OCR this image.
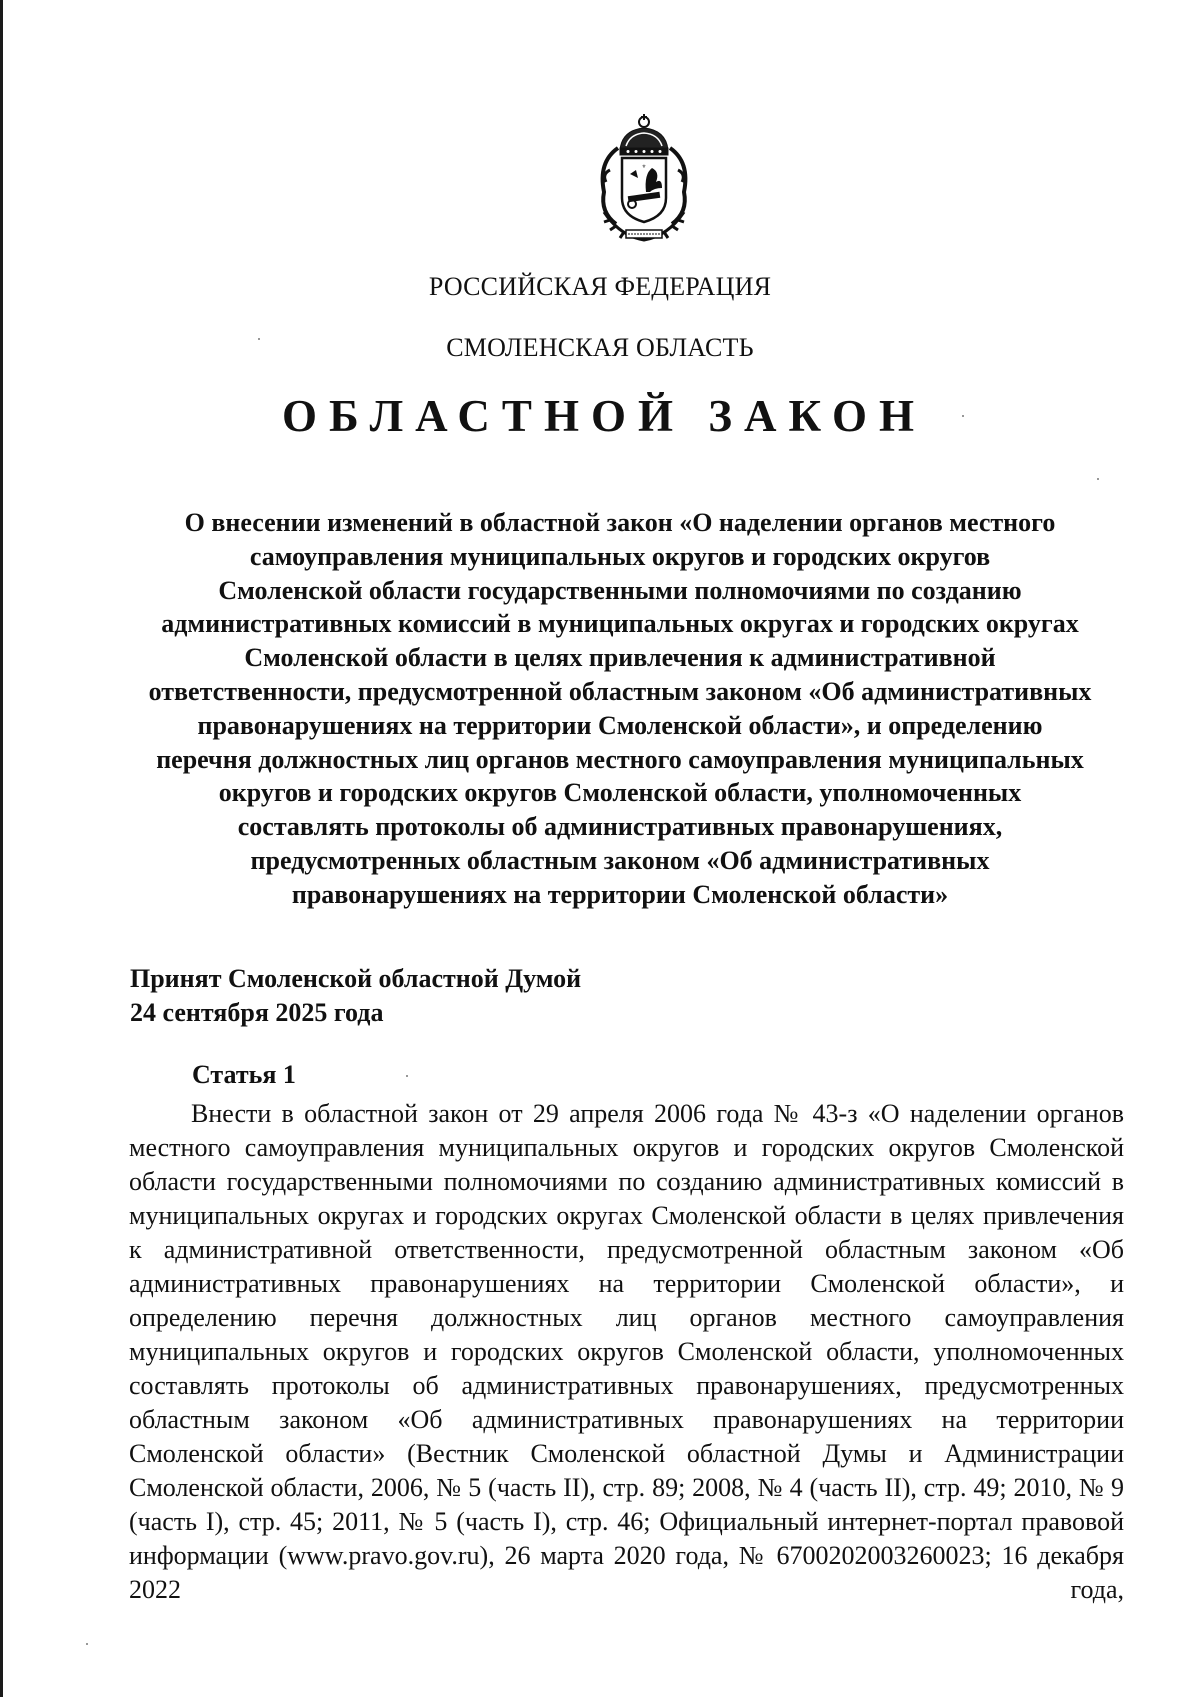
⚜
РОССИЙСКАЯ ФЕДЕРАЦИЯ
СМОЛЕНСКАЯ ОБЛАСТЬ
ОБЛАСТНОЙ ЗАКОН
О внесении изменений в областной закон «О наделении органов местного
самоуправления муниципальных округов и городских округов
Смоленской области государственными полномочиями по созданию
административных комиссий в муниципальных округах и городских округах
Смоленской области в целях привлечения к административной
ответственности, предусмотренной областным законом «Об административных
правонарушениях на территории Смоленской области», и определению
перечня должностных лиц органов местного самоуправления муниципальных
округов и городских округов Смоленской области, уполномоченных
составлять протоколы об административных правонарушениях,
предусмотренных областным законом «Об административных
правонарушениях на территории Смоленской области»
Принят Смоленской областной Думой
24 сентября 2025 года
Статья 1

Внести в областной закон от 29 апреля 2006 года № 43-з «О наделении органов местного самоуправления муниципальных округов и городских округов Смоленской области государственными полномочиями по созданию административных комиссий в муниципальных округах и городских округах Смоленской области в целях привлечения к административной ответственности, предусмотренной областным законом «Об административных правонарушениях на территории Смоленской области», и определению перечня должностных лиц органов местного самоуправления муниципальных округов и городских округов Смоленской области, уполномоченных составлять протоколы об административных правонарушениях, предусмотренных областным законом «Об административных правонарушениях на территории Смоленской области» (Вестник Смоленской областной Думы и Администрации Смоленской области, 2006, № 5 (часть II), стр. 89; 2008, № 4 (часть II), стр. 49; 2010, № 9 (часть I), стр. 45; 2011, № 5 (часть I), стр. 46; Официальный интернет-портал правовой информации (www.pravo.gov.ru), 26 марта 2020 года, № 6700202003260023; 16 декабря 2022 года,
